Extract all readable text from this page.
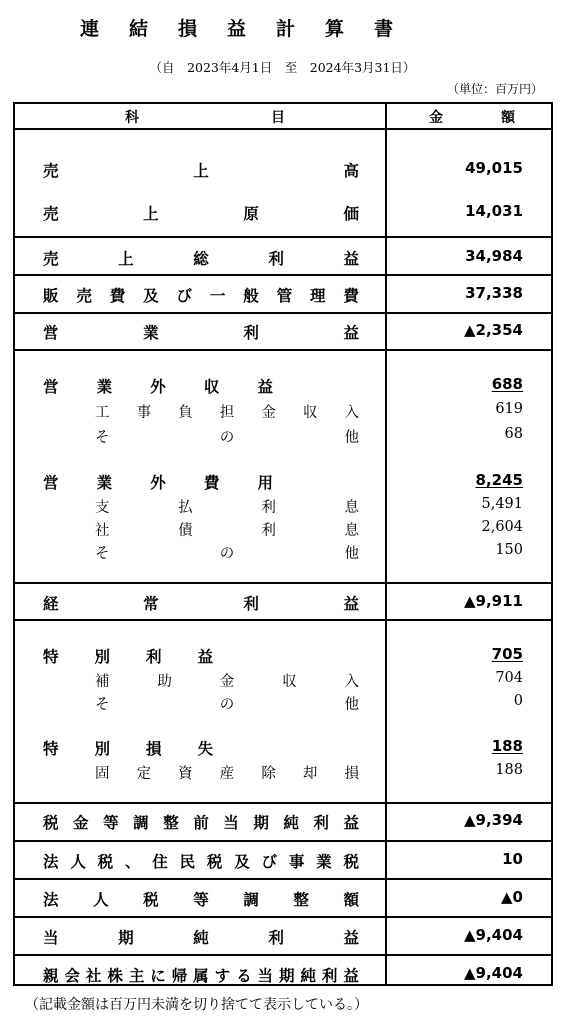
連 結 損 益 計 算 書
（自　2023年4月1日　至　2024年3月31日）
（単位：百万円）
科	目	金	額
売	上	高	49,015
売	上	原	価	14,031
売	上	総	利	益	34,984
販 売 費 及 び 一 般 管 理 費	37,338
営	業	利	益	▲2,354
営 業 外 収 益	688
工 事 負 担 金 収 入	619
そ	の	他	68
営 業 外 費 用	8,245
支	払	利	息	5,491
社	債	利	息	2,604
そ	の	他	150
経	常	利	益	▲9,911
特 別 利 益	705
補	助	金	収	入	704
そ	の	他	0
特 別 損 失	188
固 定 資 産 除 却 損	188
税 金 等 調 整 前 当 期 純 利 益	▲9,394
法 人 税 、 住 民 税 及 び 事 業 税	10
法 人 税 等 調 整 額	▲0
当	期	純	利	益	▲9,404
親 会 社 株 主 に 帰 属 す る 当 期 純 利 益	▲9,404
（記載金額は百万円未満を切り捨てて表示している。）
